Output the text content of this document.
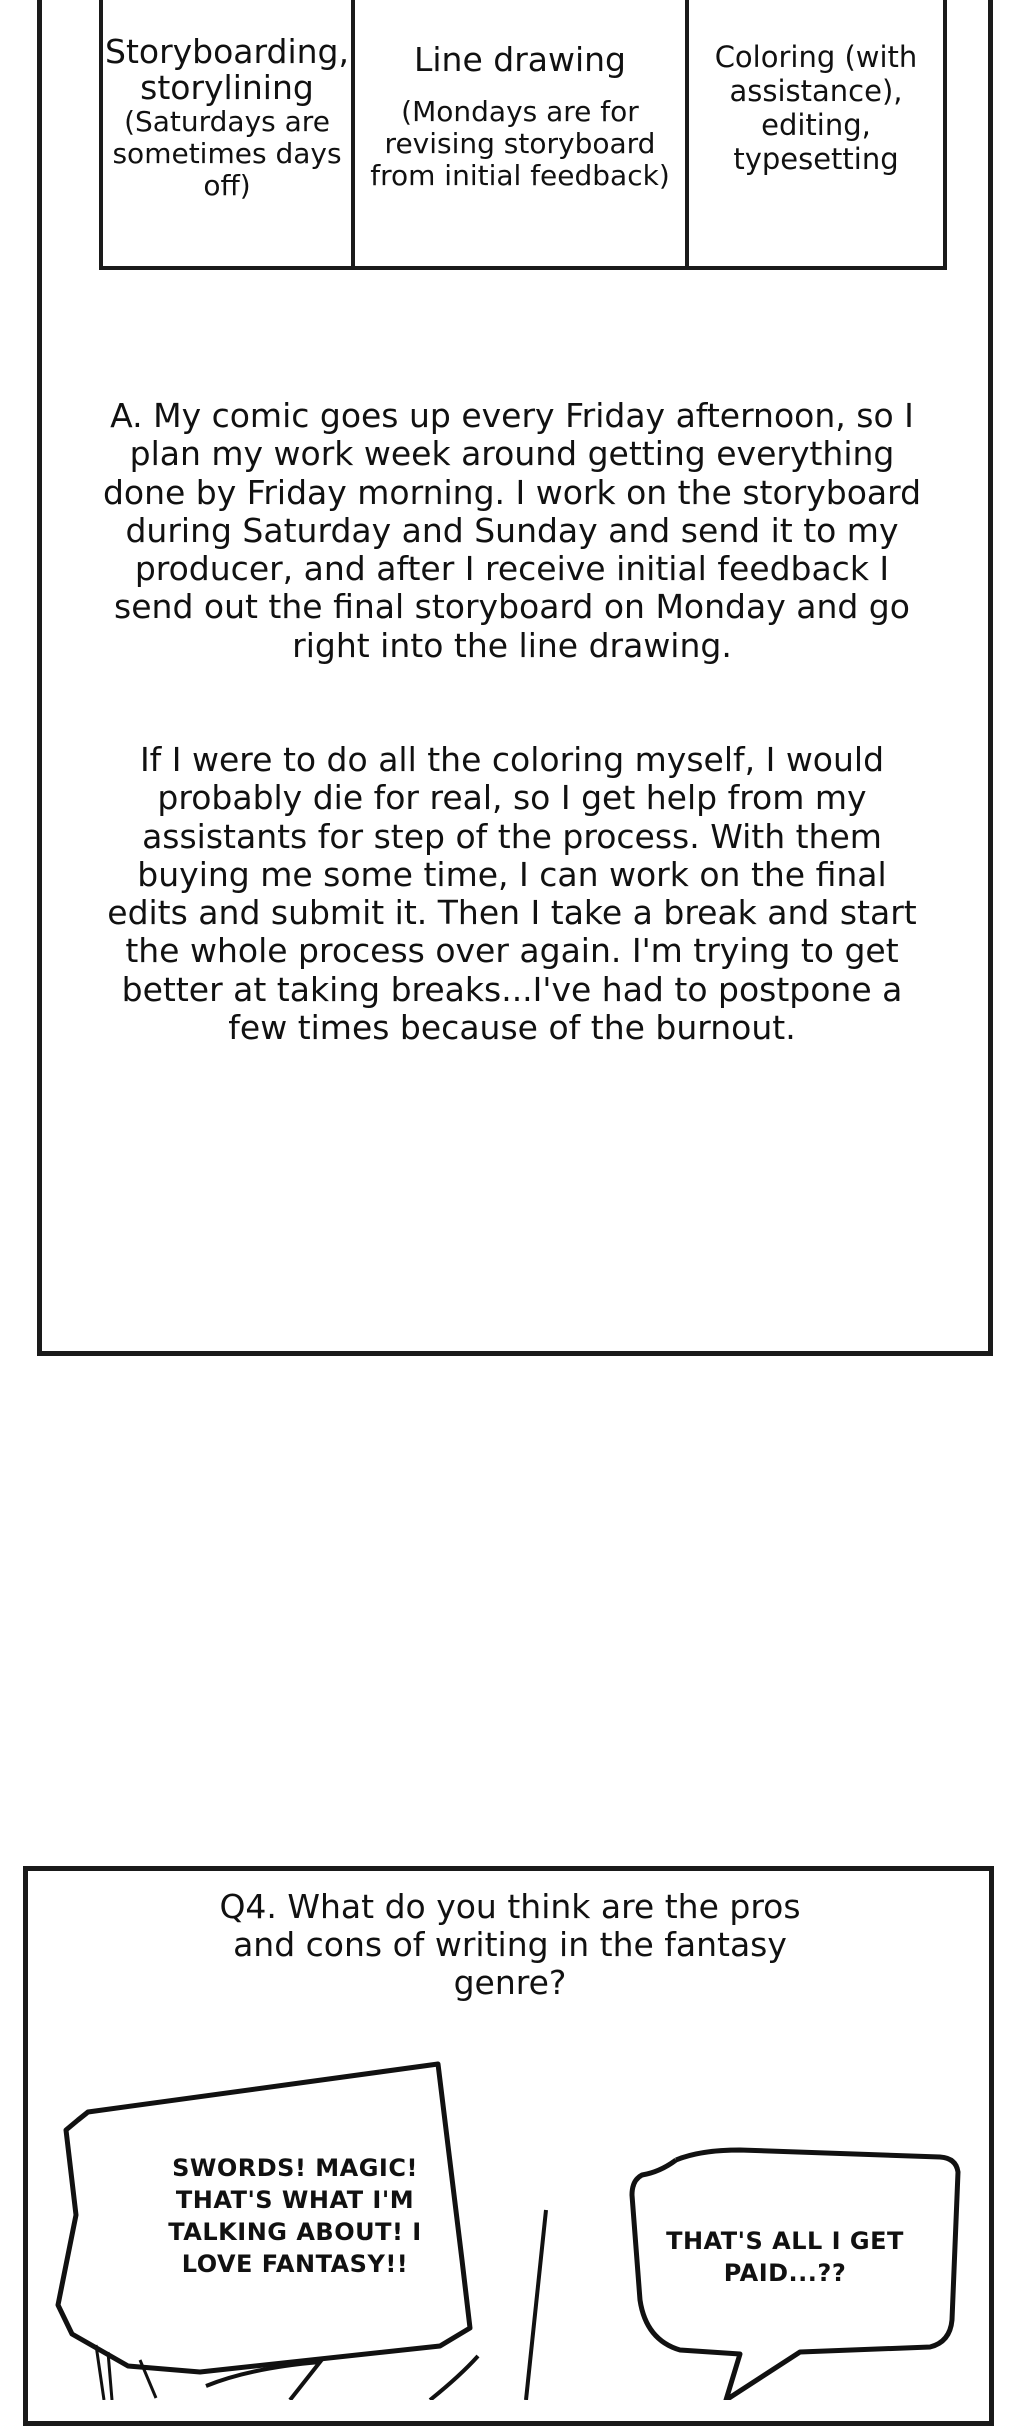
Storyboarding, storylining
(Saturdays are sometimes days off)
Line drawing
(Mondays are for revising storyboard from initial feedback)
Coloring (with assistance), editing, typesetting
A. My comic goes up every Friday afternoon, so I plan my work week around getting everything done by Friday morning. I work on the storyboard during Saturday and Sunday and send it to my producer, and after I receive initial feedback I send out the final storyboard on Monday and go right into the line drawing.
If I were to do all the coloring myself, I would probably die for real, so I get help from my assistants for step of the process. With them buying me some time, I can work on the final edits and submit it. Then I take a break and start the whole process over again. I'm trying to get better at taking breaks...I've had to postpone a few times because of the burnout.
Q4. What do you think are the pros and cons of writing in the fantasy genre?
SWORDS! MAGIC! THAT'S WHAT I'M TALKING ABOUT! I LOVE FANTASY!!
THAT'S ALL I GET PAID...??
